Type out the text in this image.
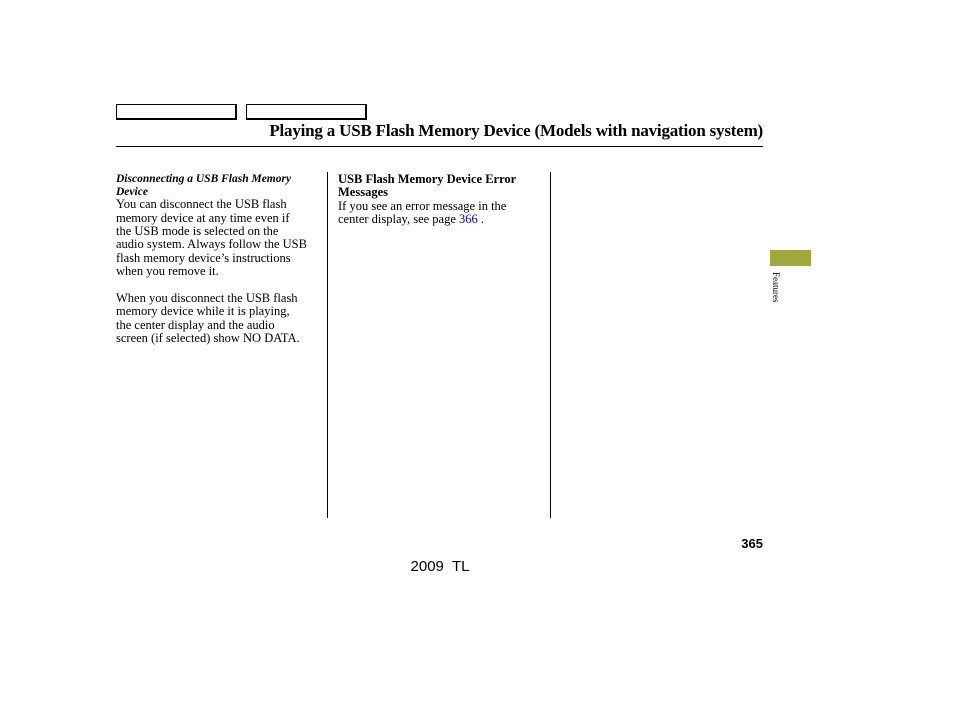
Playing a USB Flash Memory Device (Models with navigation system)

Disconnecting a USB Flash Memory
Device

You can disconnect the USB flash
memory device at any time even if
the USB mode is selected on the
audio system. Always follow the USB
flash memory device’s instructions
when you remove it.

When you disconnect the USB flash
memory device while it is playing,
the center display and the audio
screen (if selected) show NO DATA.

USB Flash Memory Device Error
Messages

If you see an error message in the
center display, see page 366 .

Features
365
2009  TL
